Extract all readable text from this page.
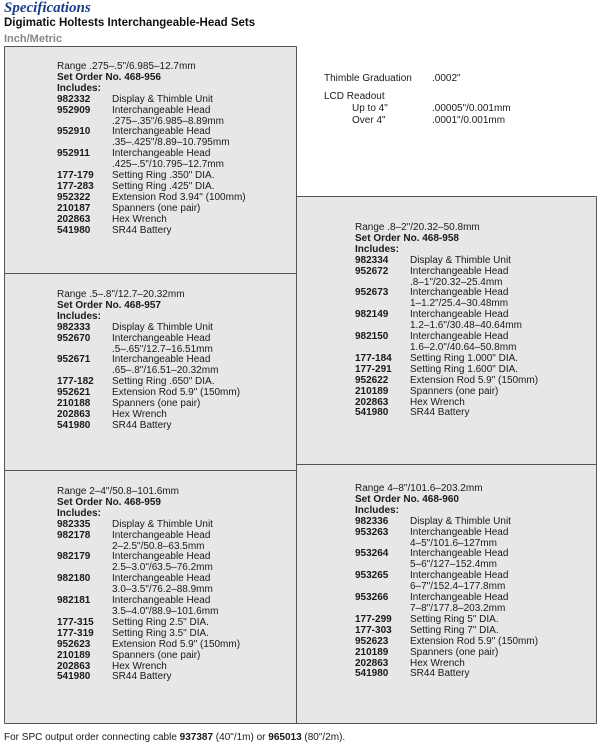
Specifications
Digimatic Holtests Interchangeable-Head Sets
Inch/Metric
Thimble Graduation	.0002"
LCD Readout
Up to 4"	.00005"/0.001mm
Over 4"	.0001"/0.001mm
Range .275–.5"/6.985–12.7mm
Set Order No. 468-956
Includes:
982332	Display & Thimble Unit
952909	Interchangeable Head
.275–.35"/6.985–8.89mm
952910	Interchangeable Head
.35–.425"/8.89–10.795mm
952911	Interchangeable Head
.425–.5"/10.795–12.7mm
177-179	Setting Ring .350" DIA.
177-283	Setting Ring .425" DIA.
952322	Extension Rod 3.94" (100mm)
210187	Spanners (one pair)
202863	Hex Wrench
541980	SR44 Battery
Range .5–.8"/12.7–20.32mm
Set Order No. 468-957
Includes:
982333	Display & Thimble Unit
952670	Interchangeable Head
.5–.65"/12.7–16.51mm
952671	Interchangeable Head
.65–.8"/16.51–20.32mm
177-182	Setting Ring .650" DIA.
952621	Extension Rod 5.9" (150mm)
210188	Spanners (one pair)
202863	Hex Wrench
541980	SR44 Battery
Range 2–4"/50.8–101.6mm
Set Order No. 468-959
Includes:
982335	Display & Thimble Unit
982178	Interchangeable Head
2–2.5"/50.8–63.5mm
982179	Interchangeable Head
2.5–3.0"/63.5–76.2mm
982180	Interchangeable Head
3.0–3.5"/76.2–88.9mm
982181	Interchangeable Head
3.5–4.0"/88.9–101.6mm
177-315	Setting Ring 2.5" DIA.
177-319	Setting Ring 3.5" DIA.
952623	Extension Rod 5.9" (150mm)
210189	Spanners (one pair)
202863	Hex Wrench
541980	SR44 Battery
Range .8–2"/20.32–50.8mm
Set Order No. 468-958
Includes:
982334	Display & Thimble Unit
952672	Interchangeable Head
.8–1"/20.32–25.4mm
952673	Interchangeable Head
1–1.2"/25.4–30.48mm
982149	Interchangeable Head
1.2–1.6"/30.48–40.64mm
982150	Interchangeable Head
1.6–2.0"/40.64–50.8mm
177-184	Setting Ring 1.000" DIA.
177-291	Setting Ring 1.600" DIA.
952622	Extension Rod 5.9" (150mm)
210189	Spanners (one pair)
202863	Hex Wrench
541980	SR44 Battery
Range 4–8"/101.6–203.2mm
Set Order No. 468-960
Includes:
982336	Display & Thimble Unit
953263	Interchangeable Head
4–5"/101.6–127mm
953264	Interchangeable Head
5–6"/127–152.4mm
953265	Interchangeable Head
6–7"/152.4–177.8mm
953266	Interchangeable Head
7–8"/177.8–203.2mm
177-299	Setting Ring 5" DIA.
177-303	Setting Ring 7" DIA.
952623	Extension Rod 5.9" (150mm)
210189	Spanners (one pair)
202863	Hex Wrench
541980	SR44 Battery
For SPC output order connecting cable 937387 (40"/1m) or 965013 (80"/2m).
